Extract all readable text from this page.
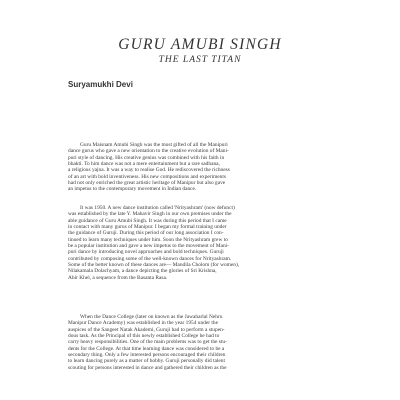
GURU AMUBI SINGH
THE LAST TITAN
Suryamukhi Devi

Guru Maisnam Amubi Singh was the most gifted of all the Manipuri
dance gurus who gave a new orientation to the creative evolution of Mani-
puri style of dancing. His creative genius was combined with his faith in
bhakti. To him dance was not a mere entertainment but a rare sadhana,
a religious yajna. It was a way to realise God. He rediscovered the richness
of an art with bold inventiveness. His new compositions and experiments
had not only enriched the great artistic heritage of Manipur but also gave
an impetus to the contemporary movement in Indian dance.

It was 1950. A new dance institution called 'Nrityashram' (now defunct)
was established by the late Y. Mahavir Singh in our own premises under the
able guidance of Guru Amubi Singh. It was during this period that I came
in contact with many gurus of Manipur. I began my formal training under
the guidance of Guruji. During this period of our long association I con-
tinued to learn many techniques under him. Soon the Nrityashram grew to
be a popular institution and gave a new impetus to the movement of Mani-
puri dance by introducing novel approaches and bold techniques. Guruji
contributed by composing some of the well-known dances for Nrityashram.
Some of the better known of these dances are— Mandila Cholom (for women),
Nilakamala Dolachyam, a dance depicting the glories of Sri Krishna,
Abir Khel, a sequence from the Basanta Rasa.

When the Dance College (later on known as the Jawaharlal Nehru
Manipur Dance Academy) was established in the year 1954 under the
auspices of the Sangeet Natak Akademi, Guruji had to perform a stupen-
dous task. As the Principal of this newly established College he had to
carry heavy responsibilities. One of the main problems was to get the stu-
dents for the College. At that time learning dance was considered to be a
secondary thing. Only a few interested persons encouraged their children
to learn dancing purely as a matter of hobby. Guruji personally did talent
scouting for persons interested in dance and gathered their children as the
